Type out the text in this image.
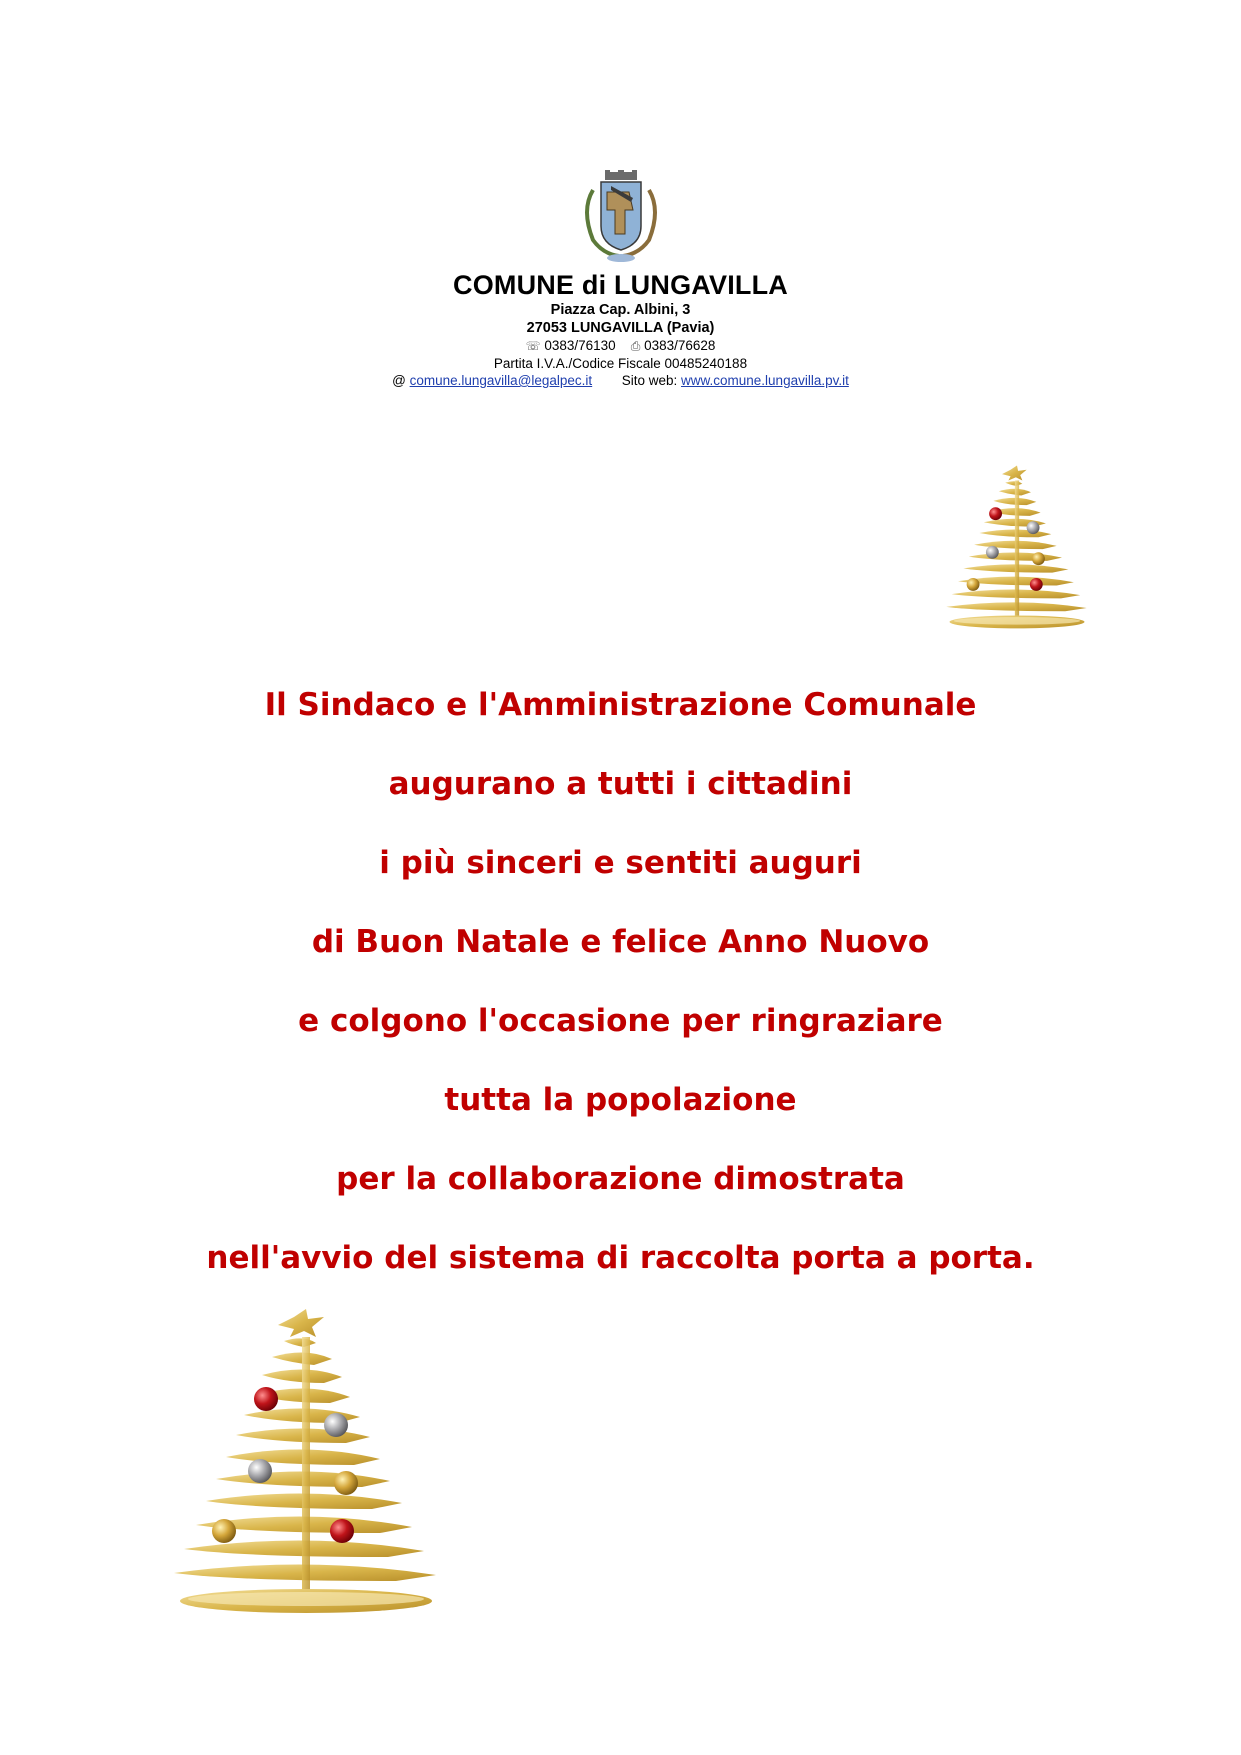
COMUNE di LUNGAVILLA
Piazza Cap. Albini, 3
27053 LUNGAVILLA (Pavia)
☏ 0383/76130 ⎙ 0383/76628
Partita I.V.A./Codice Fiscale 00485240188
@ comune.lungavilla@legalpec.it Sito web: www.comune.lungavilla.pv.it
Il Sindaco e l'Amministrazione Comunale
augurano a tutti i cittadini
i più sinceri e sentiti auguri
di Buon Natale e felice Anno Nuovo
e colgono l'occasione per ringraziare
tutta la popolazione
per la collaborazione dimostrata
nell'avvio del sistema di raccolta porta a porta.
